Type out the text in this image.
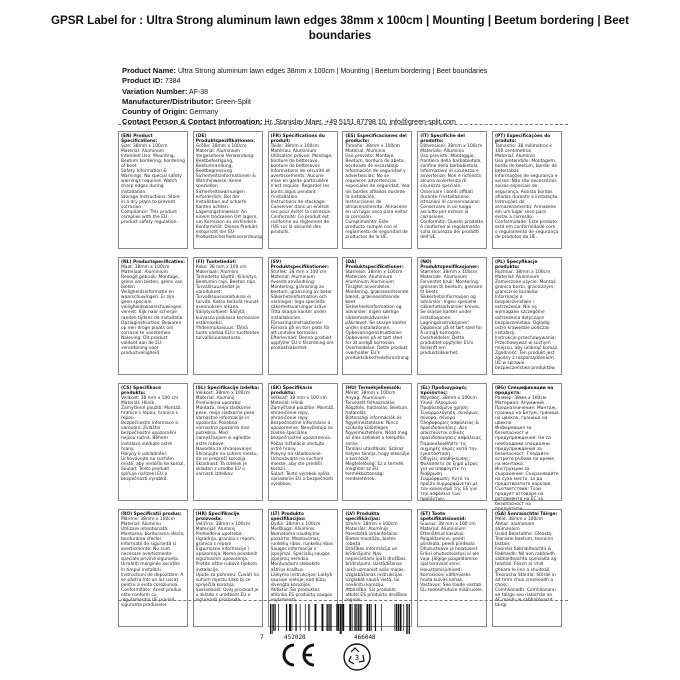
GPSR Label for : Ultra Strong aluminum lawn edges 38mm x 100cm | Mounting | Beetum bordering | Beet boundaries
Product Name: Ultra Strong aluminum lawn edges 38mm x 100cm | Mounting | Beetum bordering | Beet boundaries
Product ID: 7384
Variation Number: AF-38
Manufacturer/Distributor: Green-Split
Country of Origin: Germany
Contact Person & Contact Information: Hr. Stanislav Maer, +49 5151 87798 10, info@green-split.com
(EN) Product Specifications:
Size: 38mm x 100cm
Material: Aluminum
Intended Use: Mounting, Beetum bordering, bordering of beet
Safety Information & Warnings: No special safety warnings required. Watch sharp edges during installation.
Storage Instructions: Store in a dry place to prevent corrosion.
Compliance: This product complies with the EU product safety regulation.
(DE) Produktspezifikationen:
Größe: 38mm x 100cm
Material: Aluminium
Vorgesehene Verwendung: Beetbefestigung, Beetumrandung, Beetbegrenzung
Sicherheitsinformationen & Warnhinweise: Keine speziellen Sicherheitswarnungen erforderlich. Bei der Installation auf scharfe Kanten achten.
Lagerungshinweise: An einem trockenen Ort lagern, um Korrosion zu verhindern.
Konformität: Dieses Produkt entspricht der EU-Produktsicherheitsverordnung.
(FR) Spécifications du produit:
Taille: 38mm x 100cm
Matériau: Aluminium
Utilisation prévue: Montage, bordure de betterave, bordure de betteraves
Informations de sécurité et avertissements: Aucune mise en garde particulière n'est requise. Regarder les bords aigus pendant l'installation.
Instructions de stockage: Conserver dans un endroit sec pour éviter la corrosion.
Conformité: Ce produit est conforme au règlement de l'UE sur la sécurité des produits.
(ES) Especificaciones del producto:
Tamaño: 38mm x 100cm
Material: Aluminio
Uso previsto: Montaje, Beetum, bordura de abeto, bordeado de escarabajo
Información de seguridad y advertencias: No se requieren advertencias especiales de seguridad. Vea los bordes afilados durante la instalación.
Instrucciones de almacenamiento: Almacene en un lugar seco para evitar la corrosión.
Cumplimiento: Este producto cumple con el reglamento de seguridad de productos de la UE.
(IT) Specifiche del prodotto:
Dimensioni: 38mm x 100cm
Materiale: Alluminio
Uso previsto: Montaggio, frontiera della barbabietola, confine della barbabietola
Informazioni di sicurezza e avvertenze: Non è richiesta alcuna avvertenza di sicurezza speciale. Osservare i bordi affilati durante l'installazione.
Istruzioni di conservazione: Conservare in un luogo asciutto per evitare la corrosione.
Conformità: Questo prodotto è conforme al regolamento sulla sicurezza dei prodotti dell'UE.
(PT) Especificações do produto:
Tamanho: 38 milímetros x 100 centímetros
Material: Alumínio
Uso pretendido: Montagem, borda de beetum, bordar de beterrabas
Informações de segurança e avisos: Não são necessários avisos especiais de segurança. Assista bordas afiadas durante a instalação.
Instruções de armazenamento: Armazene em um lugar seco para evitar a corrosão.
Conformidade: Este produto está em conformidade com o regulamento de segurança de produtos da UE.
(NL) Productspecificaties:
Maat: 38mm x 100cm
Materiaal: Aluminium
Beoogd gebruik: Montage, grens van bieten, grens van bieten
Veiligheidsinformatie en waarschuwingen: Er zijn geen speciale veiligheidswaarschuwingen vereist. Kijk naar scherpe randen tijdens de installatie.
Opslaginstructies: Bewaren op een droge plaats om corrosie te voorkomen.
Naleving: Dit product voldoet aan de EU-verordening voor productveiligheid.
(FI) Tuotetiedot:
Koko: 38 mm x 100 cm
Materiaali: Alumiini
Tarkoitettu käyttö: Kiinnitys, Beetumin raja, Beetan raja
Turvallisuustiedot ja varoitukset: Turvallisuusvaroituksia ei tarvita. Katso terävät reunat asennuksen aikana.
Säilytysohjeet: Säilytä kuivassa paikassa korroosion estämiseksi.
Yhdenmukaisuus: Tämä tuote vastaa EU:n tuotteiden turvallisuusasetusta.
(SV) Produktspecifikationer:
Storlek: 38 mm x 100 cm
Material: Aluminium
Avsedd användning: Montering, gränsning av beetum, gränsning av betor
Säkerhetsinformation och varningar: Inga speciella säkerhetsvarningar krävs. Titta skarpa kanter under installationen.
Förvaringsinstruktioner: Förvara på en torr plats för att undvika korrosion.
Efterlevnad: Denna produkt uppfyller EU:s förordning om produktsäkerhet.
(DA) Produktspecifikationer:
Størrelse: 38mm x 100cm
Materiale: Aluminium
Aluminium Aluminium
Tilsigtet anvendelse: Montering, grænsesnitsende bæret, grænsesnitsende beet
Sikkerhedsinformation og advarsler: Ingen særlige sikkerhedsadvarsler påkrævet. Se skarpe kanter under installationen.
Opbevaringsinstruktioner: Opbevares på et tørt sted for at undgå korrosion.
Overholdelse: Dette produkt overholder EU's produktsikkerhedsforordning.
(NO) Produktspesifikasjoner:
Størrelse: 38mm x 100cm
Materiale: Aluminium
Forventet bruk: Montering, grensen til beetum, grensen til beets
Sikkerhetsinformasjon og advarsler: Ingen spesielle sikkerhetsadvarsler kreves. Se skarpe kanter under installasjonen.
Lagringsinstruksjoner: Oppbevar på et tørt sted for å unngå korrosjon.
Overholdelse: Dette produktet oppfyller EU's forskrift om produktsikkerhet.
(PL) Specyfikacje produktu:
Rozmiar: 38mm x 100cm
Materiał: Aluminium
Zamierzone użycie: Montaż, granica bestii, granicznym, granicznie buraków
Informacje o bezpieczeństwie i ostrzeżenia: Nie są wymagane szczególne ostrzeżenia dotyczące bezpieczeństwa. Oglądaj ostre krawędzie podczas instalacji.
Instrukcje przechowywania: Przechowywać w suchym miejscu, aby uniknąć korozji.
Zgodność: Ten produkt jest zgodny z rozporządzeniem UE w sprawie bezpieczeństwa produktów.
(CS) Specifikace produktu:
Velikost: 38 mm x 100 cm
Materiál: Hliník
Zamýšlené použití: Montáž, hranice s řepou, hranice s řepou
Bezpečnostní informace a varování: Zvláštní bezpečnostní upozornění nejsou nutná. Během instalace sledujte ostré hrany.
Pokyny k uskladnění: Uchovávejte na suchém místě, aby nedošlo ke korozi.
Soulad: Tento produkt splňuje nařízení EU o bezpečnosti výrobků.
(SL) Specifikacije izdelka:
Velikost: 38mm x 100cm
Material: Aluminij
Predvidena uporaba: Montaža, meja zladkorne pese, meja sladkorne pese
Varnostne informacije in opozorila: Posebna varnostna opozorila niso potrebna. Med nameščanjem si ogledite ostre robove.
Navodila za shranjevanje: Shranjujte na suhem mestu, da se prepreči korozija.
Skladnost: Ta izdelek je skladen z uredbo EU o varnosti izdelkov.
(SK) Špecifikácie produktu:
Veľkosť: 38 mm x 100 cm
Materiál: Hliník
Zamýšľané použitie: Montáž, ohraničenie repy, ohraničenie repy
Bezpečnostné informácie a upozornenia: Nevyžadujú sa žiadne špeciálne bezpečnostné upozornenia. Počas inštalácie sledujte ostré hrany.
Pokyny na skladovanie: Uchovávajte na suchom mieste, aby ste predišli korózii.
Súlad: Tento výrobok spĺňa nariadenie EÚ o bezpečnosti výrobkov.
(HU) Termékjellemzők:
Méret: 38mm x 100cm
Anyag: Alumínium
Tervezett felhasználás: Rögzítés, határolás, Beetum, határolás
Biztonsági információk és figyelmeztetések: Nincs szükség különleges figyelmeztetésre. Nézd meg az éles széleket a telepítés során.
Tárolási utasítások: Száraz helyen tárolja, hogy elkerülje a korróziót.
Megfelelőség: Ez a termék megfelel az EU termékbiztonsági rendeletének.
(EL) Προδιαγραφές προϊόντος:
Μέγεθος: 38mm x 100cm
Υλικό: Αλουμίνιο
Προβλεπόμενη χρήση: Συναρμολόγηση, συνόρων, σύνορα, σύνορα
Πληροφορίες ασφάλειας & προειδοποιήσεις: Δεν απαιτούνται ειδικές προειδοποιήσεις ασφάλειας. Παρακολουθήστε τις αιχμηρές άκρες κατά την εγκατάσταση.
Οδηγίες αποθήκευσης: Φυλάσσετε σε ξηρό μέρος για να αποφύγετε τη διάβρωση.
Συμμόρφωση: Αυτό το προϊόν συμμορφώνεται με τον κανονισμό της ΕΕ για την ασφάλεια των προϊόντων.
(BG) Спецификации на продукта:
Размер: 38мм х 100см
Материал: Алуминий
Предназначение: Монтаж, граница на Бетум, граница на цвекло, граница на цвекло
Информация за безопасност и предупреждения: Не са необходими специални предупреждения за безопасност. Гледайте острите ръбове по време на монтажа.
Инструкции за съхранение: Съхранявайте на сухо място, за да предотвратите корозия.
Съответствие: Този продукт отговаря на регламента на ЕС за безопасност на продуктите.
(RO) Specificații produs:
Mărime: 38mm x 100cm
Material: Aluminiu
Utilizare intenționată: Montarea, bordurarea sfecla, bordurarea sfeclei
Informații de siguranță și avertismente: Nu sunt necesare avertismente speciale privind siguranța. Urmăriți marginile ascuțite în timpul instalării.
Instrucțiuni de depozitare: A se păstra într-un loc uscat pentru a evita coroziunea.
Conformitate: Acest produs este conform cu regulamentul UE privind siguranța produselor.
(HR) Specifikacije proizvoda:
Veličina: 38mm x 100cm
Materijal: Aluminij
Predviđena upotreba: Ugradnja, granica s repom, granica s repom
Sigurnosne informacije i upozorenja: Nema posebnih sigurnosnih upozorenja. Pratite oštre rubove tijekom instalacije.
Upute za pohranu: Čuvati na suhom mjestu kako bi se spriječila korozija.
Sukladnost: Ovaj proizvod je u skladu s uredbom EU o sigurnosti proizvoda.
(LT) Produkto specifikacijos:
Dydis: 38mm x 100cm
Medžiaga: Aliuminis
Numatoma naudojimo paskirtis: Montavimas, runkelių ribos, runkelių ribos
Saugos informacija ir įspėjimai: Specialių saugos įspėjimų nereikia. Montuodami stebėkite aštrius kraštus.
Laikymo instrukcijos: Laikyti sausoje vietoje, kad būtų išvengta korozijos.
Atitiktis: Šis produktas atitinka ES produktų saugos reglamentą.
(LV) Produkta specifikācijas:
Izmērs: 38mm x 100cm
Materiāls: Alumīnijs
Paredzētā izmantošana: Bietes montāža, bietes robeža
Drošības informācija un brīdinājumi: Nav nepieciešami īpaši drošības brīdinājumi. Uzstādīšanas laikā uzmaniet asās malas.
Uzglabāšanas instrukcijas: Uzglabāt sausā vietā, lai novērstu koroziju.
Atbilstība: Šis produkts atbilst ES produktu drošības regulai.
(ET) Toote spetsifikatsioonid:
Suurus: 38 mm x 100 cm
Materjal: Alumiinium
Ettenähtud kasutus: Paigaldamine, peedi piirdeala, peedi piirdeala
Ohutusteave ja hoiatused: Erilisi ohutushoiatusi ei ole vaja. Jälgige paigaldamise ajal teravaid servi.
Hoiustamisjuhised: Korrosiooni vältimiseks hoida kuivas kohas.
Vastavus: See toode vastab ELi tooteohutuse määrusele.
(GA) Sonraíochtaí Táirge:
Méid: 38mm x 100cm
Ábhar: alúmanam alúmanaim
Úsáid Beartaithe: Gléasta, Teorainn beetum, teorainn biatais
Faisnéis Sábháilteachta & Rabhaidh: Níl aon rabhaidh sábháilteachta speisialta ag teastáil. Féach ar imill ghéara le linn a shuiteáil.
Treoracha Stórála: Stóráil in áit tirim chun creimeadh a chosc.
Comhlíonadh: Comhlíonann an táirge seo rialachán an AE maidir le sábháilteacht táirgí.
7	452028	466048
3
